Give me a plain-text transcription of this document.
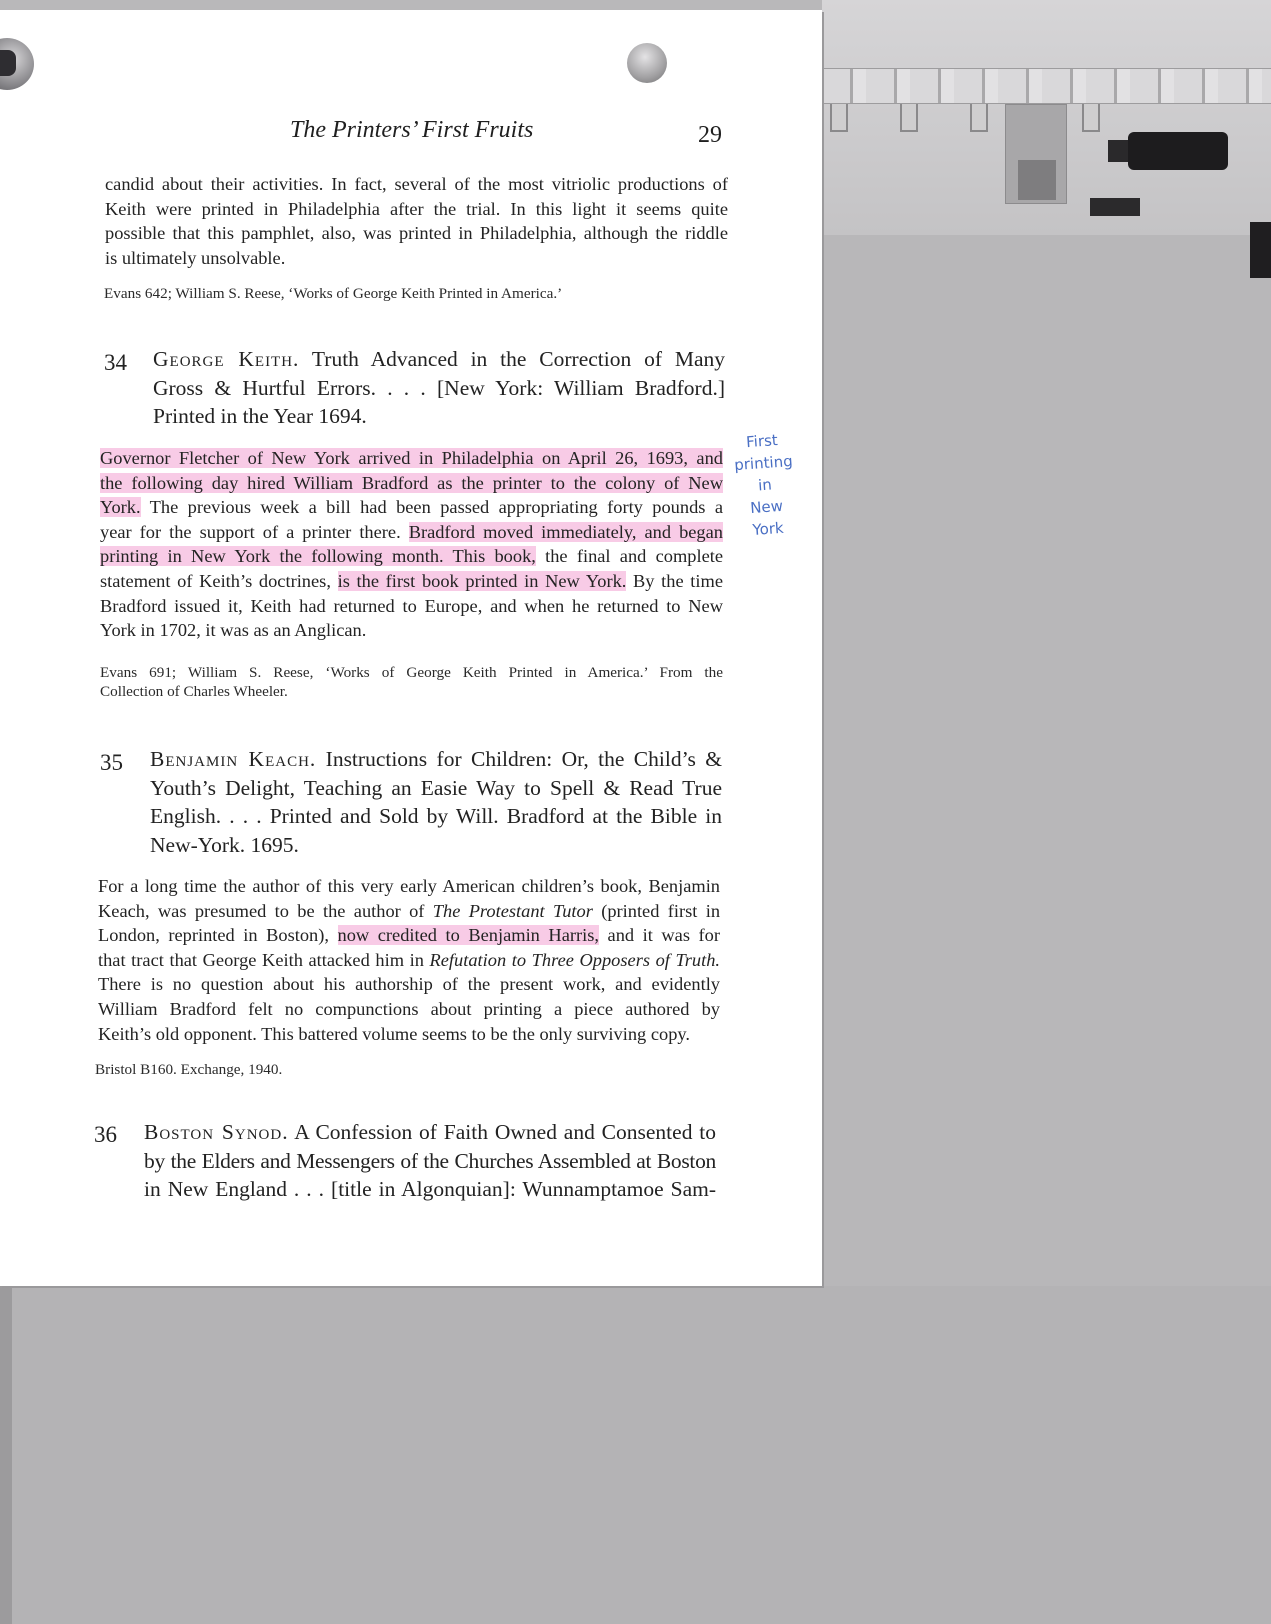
The Printers’ First Fruits	29
candid about their activities. In fact, several of the most vitriolic productions of
Keith were printed in Philadelphia after the trial. In this light it seems quite
possible that this pamphlet, also, was printed in Philadelphia, although the riddle
is ultimately unsolvable.
Evans 642; William S. Reese, ‘Works of George Keith Printed in America.’
34 George Keith. Truth Advanced in the Correction of Many
Gross & Hurtful Errors. . . . [New York: William Bradford.]
Printed in the Year 1694.
Governor Fletcher of New York arrived in Philadelphia on April 26, 1693, and
the following day hired William Bradford as the printer to the colony of New
York. The previous week a bill had been passed appropriating forty pounds a
year for the support of a printer there. Bradford moved immediately, and began
printing in New York the following month. This book, the final and complete
statement of Keith’s doctrines, is the first book printed in New York. By the time
Bradford issued it, Keith had returned to Europe, and when he returned to New
York in 1702, it was as an Anglican.
Evans 691; William S. Reese, ‘Works of George Keith Printed in America.’ From the
Collection of Charles Wheeler.
First
printing
in
New
York
35 Benjamin Keach. Instructions for Children: Or, the Child’s &
Youth’s Delight, Teaching an Easie Way to Spell & Read True
English. . . . Printed and Sold by Will. Bradford at the Bible in
New-York. 1695.
For a long time the author of this very early American children’s book, Benjamin
Keach, was presumed to be the author of The Protestant Tutor (printed first in
London, reprinted in Boston), now credited to Benjamin Harris, and it was for
that tract that George Keith attacked him in Refutation to Three Opposers of Truth.
There is no question about his authorship of the present work, and evidently
William Bradford felt no compunctions about printing a piece authored by
Keith’s old opponent. This battered volume seems to be the only surviving copy.
Bristol B160. Exchange, 1940.
36 Boston Synod. A Confession of Faith Owned and Consented to
by the Elders and Messengers of the Churches Assembled at Boston
in New England . . . [title in Algonquian]: Wunnamptamoe Sam-
